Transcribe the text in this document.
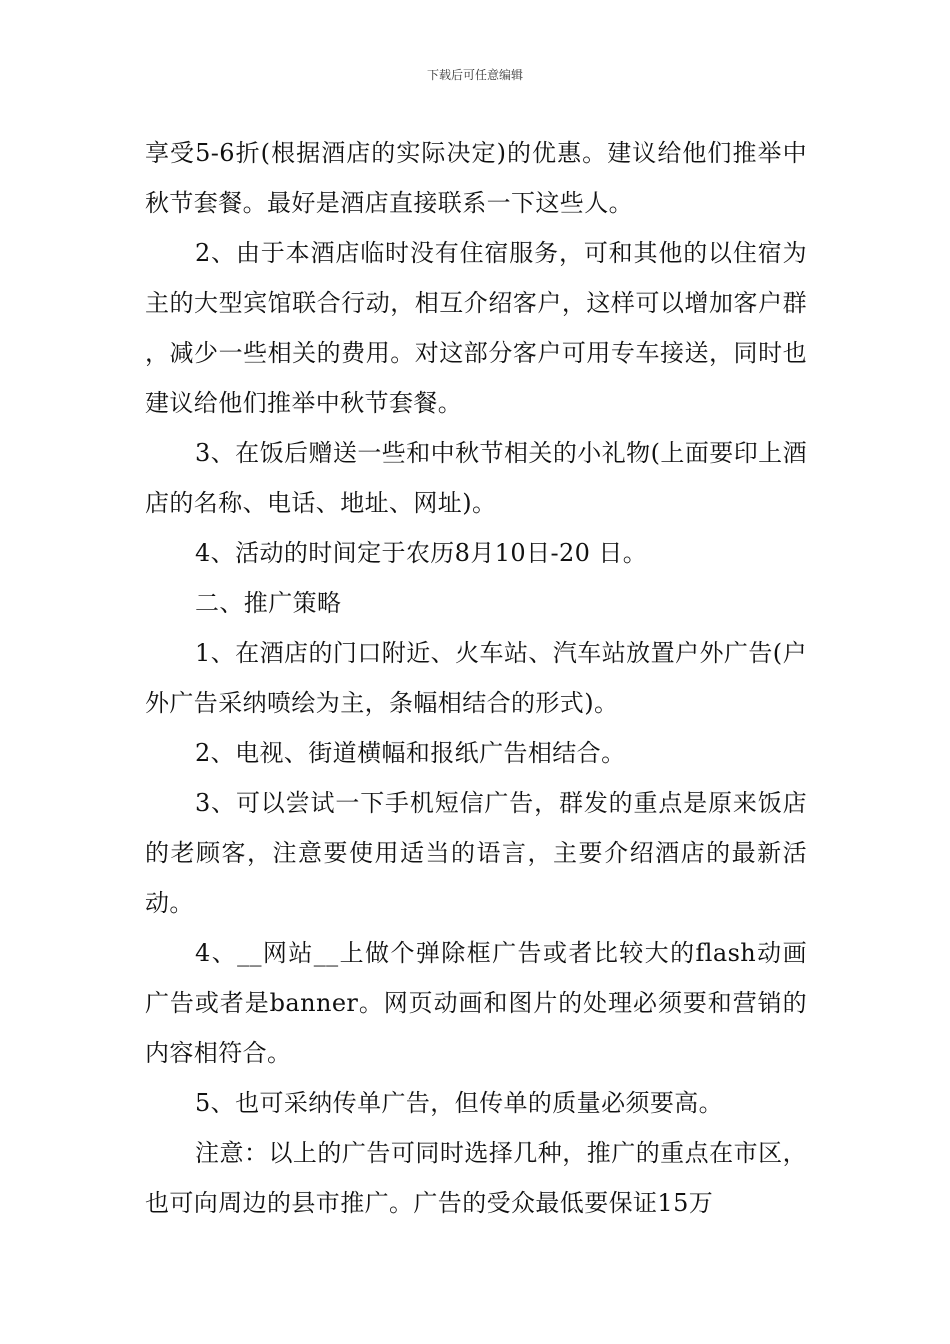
下载后可任意编辑

享受5-6折(根据酒店的实际决定)的优惠。建议给他们推举中秋节套餐。最好是酒店直接联系一下这些人。

2、由于本酒店临时没有住宿服务，可和其他的以住宿为主的大型宾馆联合行动，相互介绍客户，这样可以增加客户群　　，减少一些相关的费用。对这部分客户可用专车接送，同时也建议给他们推举中秋节套餐。

3、在饭后赠送一些和中秋节相关的小礼物(上面要印上酒店的名称、电话、地址、网址)。

4、活动的时间定于农历8月10日-20 日。

二、推广策略

1、在酒店的门口附近、火车站、汽车站放置户外广告(户外广告采纳喷绘为主，条幅相结合的形式)。

2、电视、街道横幅和报纸广告相结合。

3、可以尝试一下手机短信广告，群发的重点是原来饭店的老顾客，注意要使用适当的语言，主要介绍酒店的最新活动。

4、__网站__上做个弹除框广告或者比较大的flash动画广告或者是banner。网页动画和图片的处理必须要和营销的内容相符合。

5、也可采纳传单广告，但传单的质量必须要高。

注意：以上的广告可同时选择几种，推广的重点在市区，也可向周边的县市推广。广告的受众最低要保证15万
